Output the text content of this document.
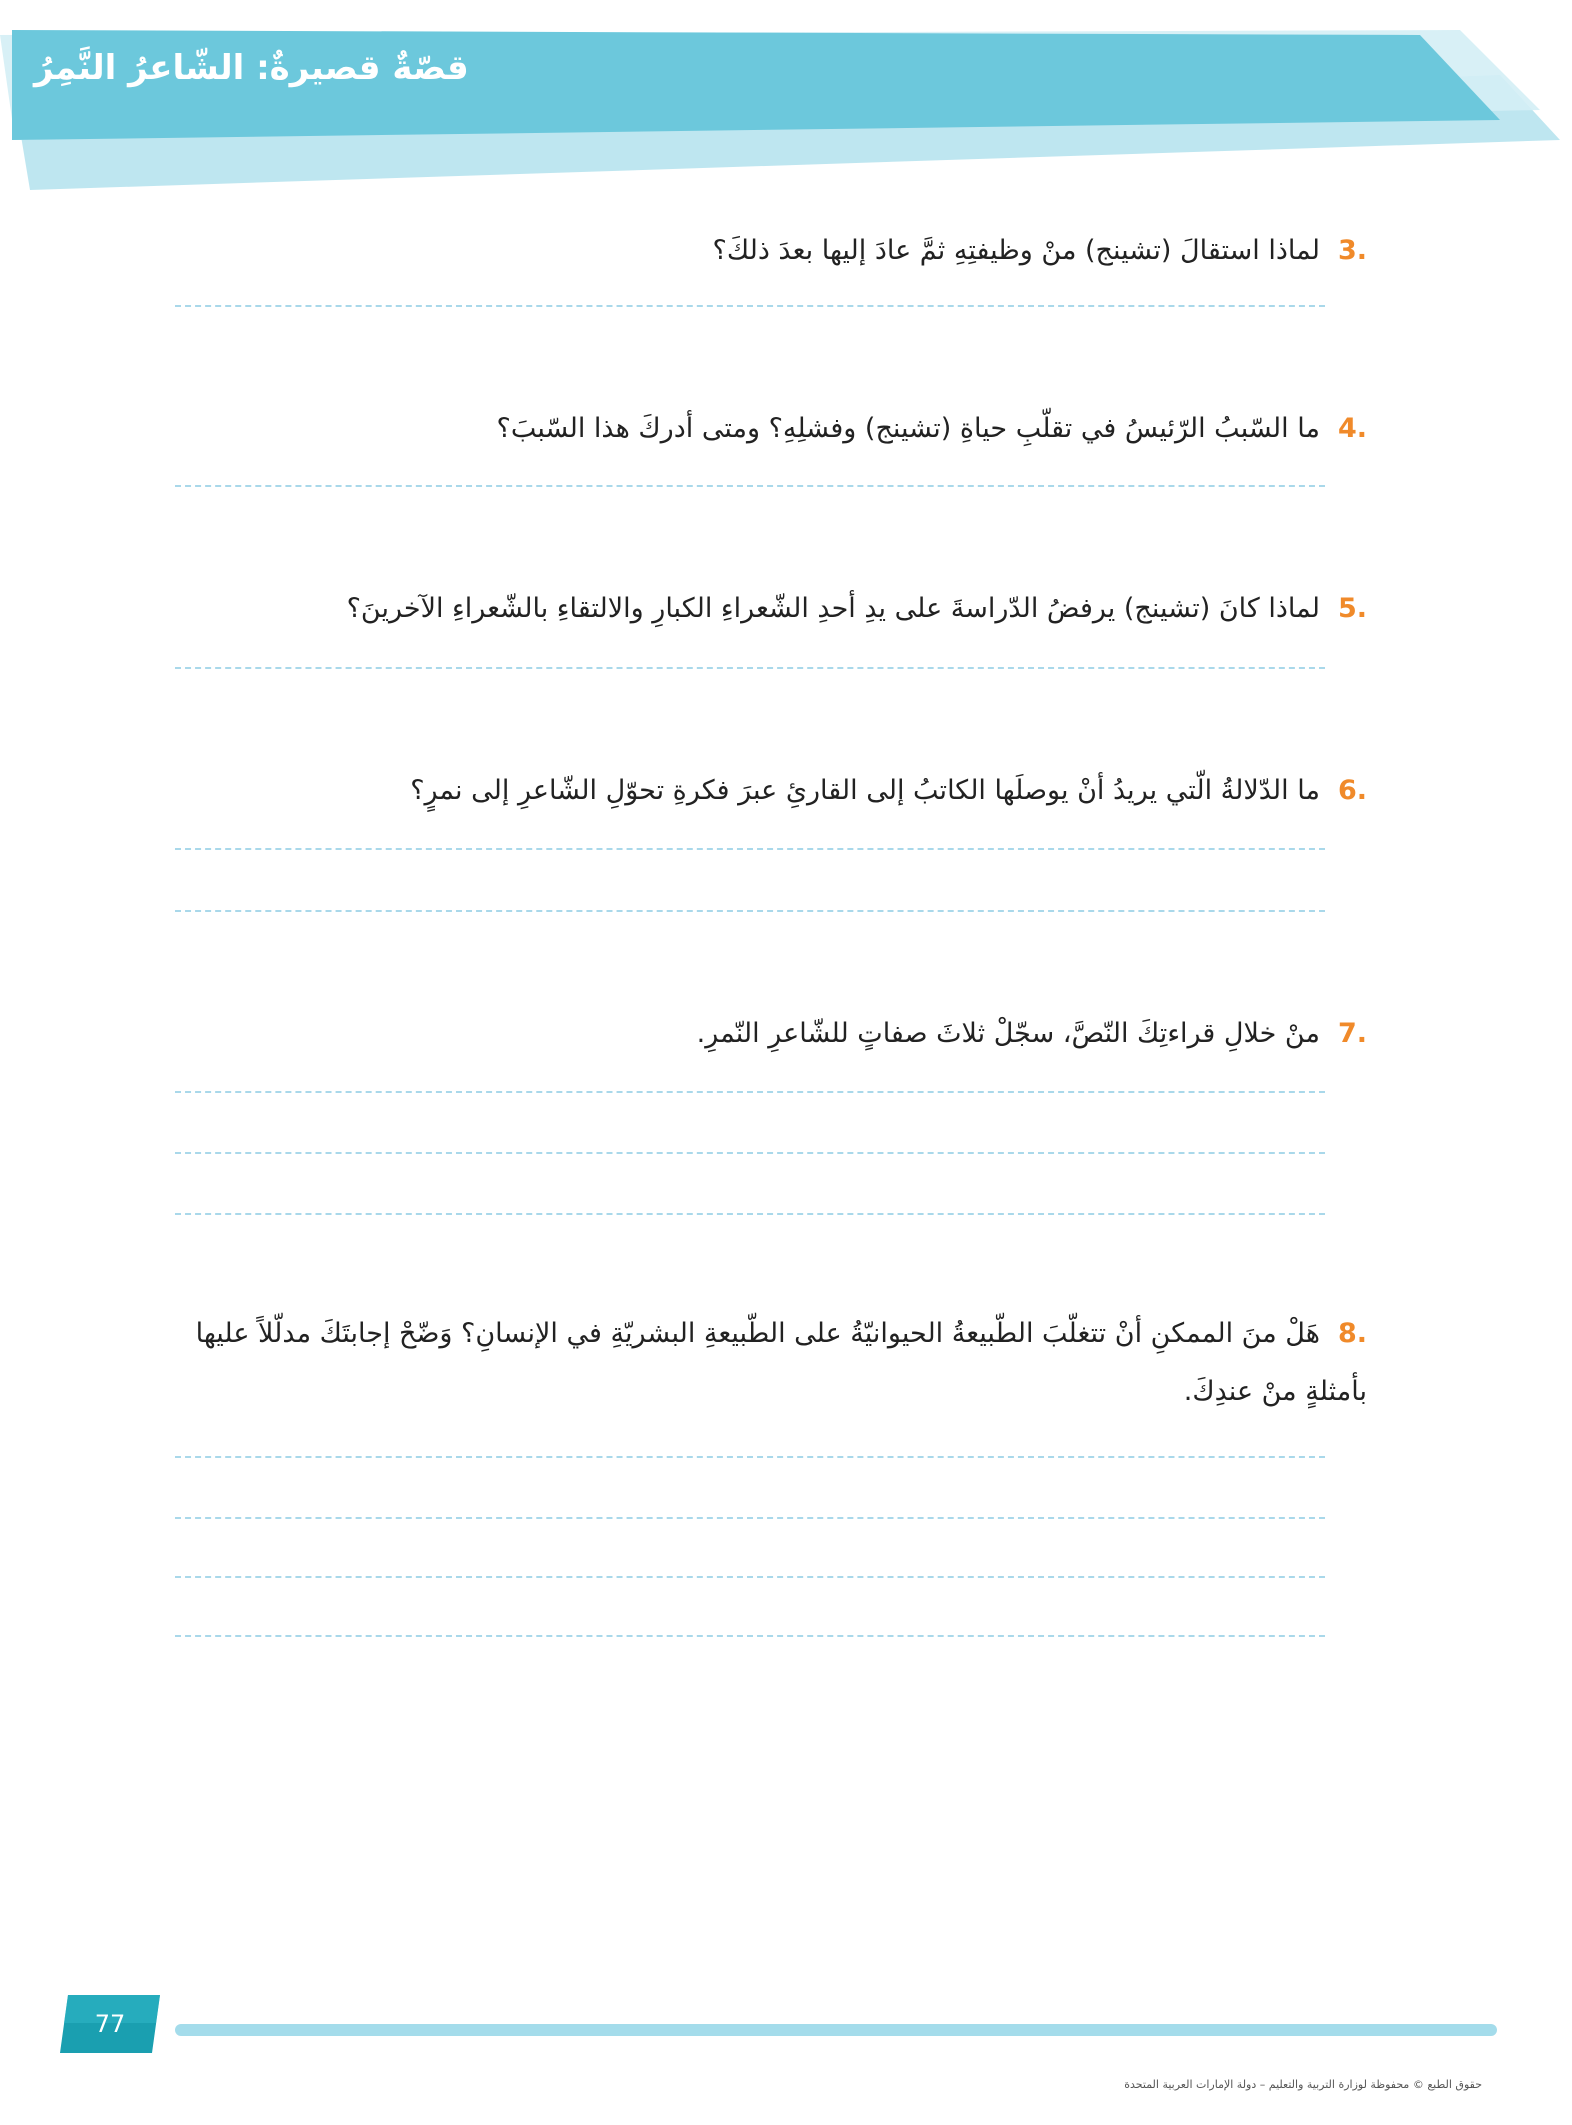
قصّةٌ قصيرةٌ: الشّاعرُ النَّمِرُ
.3لماذا استقالَ (تشينج) منْ وظيفتِهِ ثمَّ عادَ إليها بعدَ ذلكَ؟
.4ما السّببُ الرّئيسُ في تقلّبِ حياةِ (تشينج) وفشلِهِ؟ ومتى أدركَ هذا السّببَ؟
.5لماذا كانَ (تشينج) يرفضُ الدّراسةَ على يدِ أحدِ الشّعراءِ الكبارِ والالتقاءِ بالشّعراءِ الآخرينَ؟
.6ما الدّلالةُ الّتي يريدُ أنْ يوصلَها الكاتبُ إلى القارئِ عبرَ فكرةِ تحوّلِ الشّاعرِ إلى نمرٍ؟
.7منْ خلالِ قراءتِكَ النّصَّ، سجّلْ ثلاثَ صفاتٍ للشّاعرِ النّمرِ.
.8هَلْ منَ الممكنِ أنْ تتغلّبَ الطّبيعةُ الحيوانيّةُ على الطّبيعةِ البشريّةِ في الإنسانِ؟ وَضّحْ إجابتَكَ مدلّلاً عليها بأمثلةٍ منْ عندِكَ.
77
حقوق الطبع © محفوظة لوزارة التربية والتعليم – دولة الإمارات العربية المتحدة
